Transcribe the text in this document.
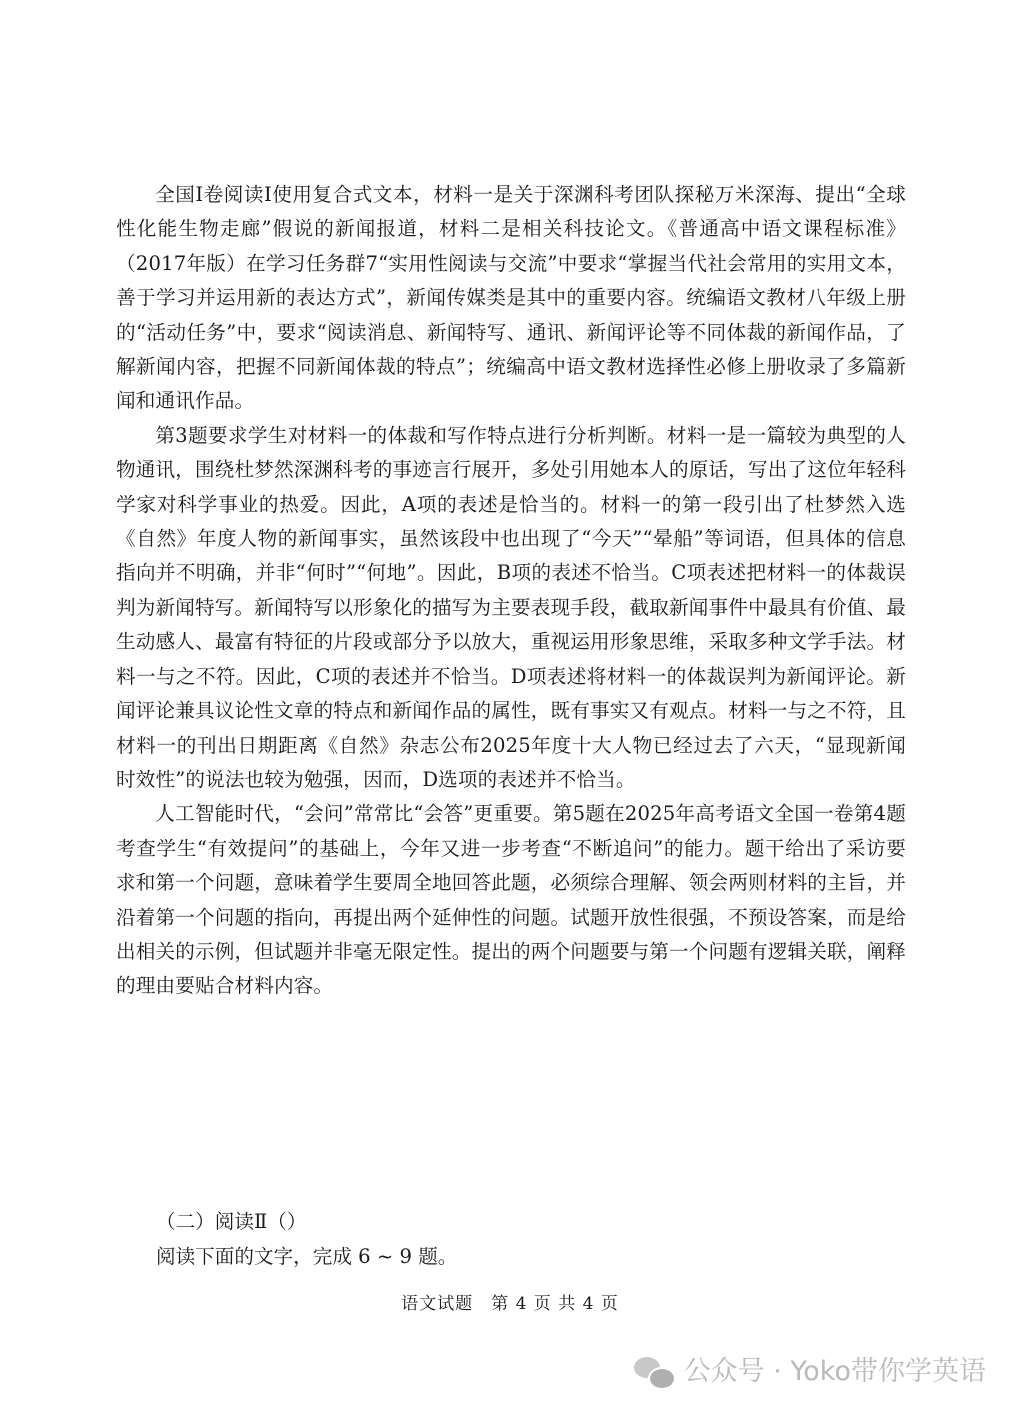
全国Ⅰ卷阅读Ⅰ使用复合式文本，材料一是关于深渊科考团队探秘万米深海、提出“全球性化能生物走廊”假说的新闻报道，材料二是相关科技论文。《普通高中语文课程标准》（2017年版）在学习任务群7“实用性阅读与交流”中要求“掌握当代社会常用的实用文本，善于学习并运用新的表达方式”，新闻传媒类是其中的重要内容。统编语文教材八年级上册的“活动任务”中，要求“阅读消息、新闻特写、通讯、新闻评论等不同体裁的新闻作品，了解新闻内容，把握不同新闻体裁的特点”；统编高中语文教材选择性必修上册收录了多篇新闻和通讯作品。

第3题要求学生对材料一的体裁和写作特点进行分析判断。材料一是一篇较为典型的人物通讯，围绕杜梦然深渊科考的事迹言行展开，多处引用她本人的原话，写出了这位年轻科学家对科学事业的热爱。因此，A项的表述是恰当的。材料一的第一段引出了杜梦然入选《自然》年度人物的新闻事实，虽然该段中也出现了“今天”“晕船”等词语，但具体的信息指向并不明确，并非“何时”“何地”。因此，B项的表述不恰当。C项表述把材料一的体裁误判为新闻特写。新闻特写以形象化的描写为主要表现手段，截取新闻事件中最具有价值、最生动感人、最富有特征的片段或部分予以放大，重视运用形象思维，采取多种文学手法。材料一与之不符。因此，C项的表述并不恰当。D项表述将材料一的体裁误判为新闻评论。新闻评论兼具议论性文章的特点和新闻作品的属性，既有事实又有观点。材料一与之不符，且材料一的刊出日期距离《自然》杂志公布2025年度十大人物已经过去了六天，“显现新闻时效性”的说法也较为勉强，因而，D选项的表述并不恰当。

人工智能时代，“会问”常常比“会答”更重要。第5题在2025年高考语文全国一卷第4题考查学生“有效提问”的基础上，今年又进一步考查“不断追问”的能力。题干给出了采访要求和第一个问题，意味着学生要周全地回答此题，必须综合理解、领会两则材料的主旨，并沿着第一个问题的指向，再提出两个延伸性的问题。试题开放性很强，不预设答案，而是给出相关的示例，但试题并非毫无限定性。提出的两个问题要与第一个问题有逻辑关联，阐释的理由要贴合材料内容。

（二）阅读Ⅱ（）

阅读下面的文字，完成 6 ~ 9 题。

语文试题　第 4 页 共 4 页

公众号 · Yoko带你学英语
